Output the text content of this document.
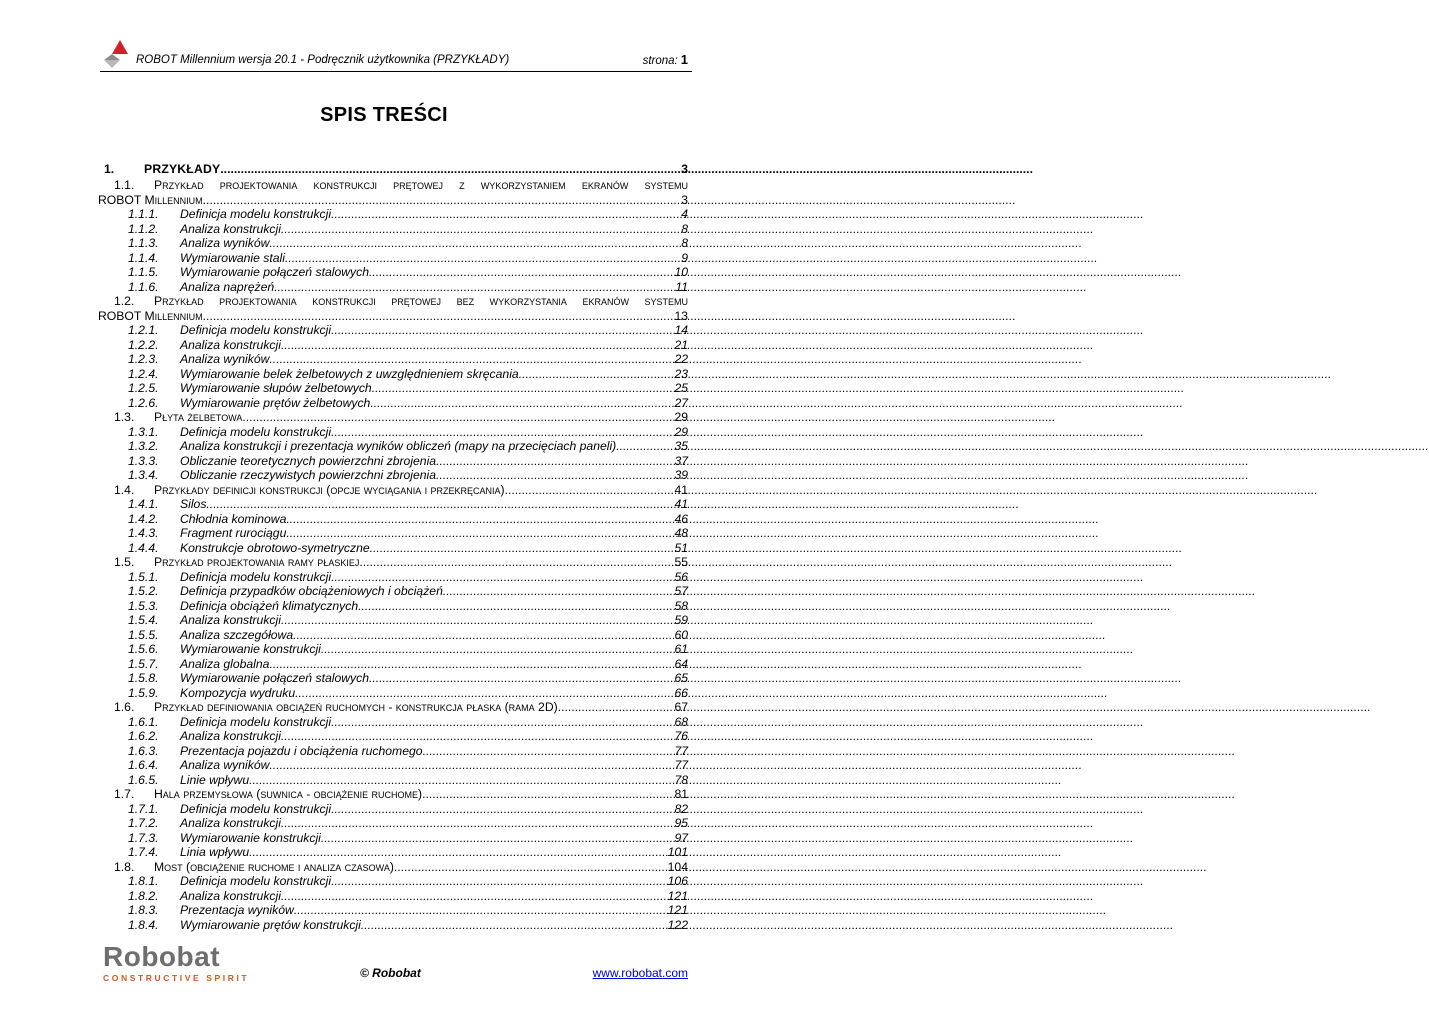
ROBOT Millennium wersja 20.1 - Podręcznik użytkownika (PRZYKŁADY)	strona: 1
SPIS TREŚCI
1.	PRZYKŁADY .....	3
1.1.	Przykład projektowania konstrukcji prętowej z wykorzystaniem ekranów systemu
ROBOT Millennium .....	3
1.1.1.	Definicja modelu konstrukcji .....	4
1.1.2.	Analiza konstrukcji .....	8
1.1.3.	Analiza wyników .....	8
1.1.4.	Wymiarowanie stali .....	9
1.1.5.	Wymiarowanie połączeń stalowych .....	10
1.1.6.	Analiza naprężeń .....	11
1.2.	Przykład projektowania konstrukcji prętowej bez wykorzystania ekranów systemu
ROBOT Millennium .....	13
1.2.1.	Definicja modelu konstrukcji .....	14
1.2.2.	Analiza konstrukcji .....	21
1.2.3.	Analiza wyników .....	22
1.2.4.	Wymiarowanie belek żelbetowych z uwzględnieniem skręcania .....	23
1.2.5.	Wymiarowanie słupów żelbetowych .....	25
1.2.6.	Wymiarowanie prętów żelbetowych .....	27
1.3.	Płyta żelbetowa .....	29
1.3.1.	Definicja modelu konstrukcji .....	29
1.3.2.	Analiza konstrukcji i prezentacja wyników obliczeń (mapy na przecięciach paneli) .....	35
1.3.3.	Obliczanie teoretycznych powierzchni zbrojenia .....	37
1.3.4.	Obliczanie rzeczywistych powierzchni zbrojenia .....	39
1.4.	Przykłady definicji konstrukcji (opcje wyciągania i przekręcania) .....	41
1.4.1.	Silos .....	41
1.4.2.	Chłodnia kominowa .....	46
1.4.3.	Fragment rurociągu .....	48
1.4.4.	Konstrukcje obrotowo-symetryczne .....	51
1.5.	Przykład projektowania ramy płaskiej .....	55
1.5.1.	Definicja modelu konstrukcji .....	56
1.5.2.	Definicja przypadków obciążeniowych i obciążeń .....	57
1.5.3.	Definicja obciążeń klimatycznych .....	58
1.5.4.	Analiza konstrukcji .....	59
1.5.5.	Analiza szczegółowa .....	60
1.5.6.	Wymiarowanie konstrukcji .....	61
1.5.7.	Analiza globalna .....	64
1.5.8.	Wymiarowanie połączeń stalowych .....	65
1.5.9.	Kompozycja wydruku .....	66
1.6.	Przykład definiowania obciążeń ruchomych - konstrukcja płaska (rama 2D) .....	67
1.6.1.	Definicja modelu konstrukcji .....	68
1.6.2.	Analiza konstrukcji .....	76
1.6.3.	Prezentacja pojazdu i obciążenia ruchomego .....	77
1.6.4.	Analiza wyników .....	77
1.6.5.	Linie wpływu .....	78
1.7.	Hala przemysłowa (suwnica - obciążenie ruchome) .....	81
1.7.1.	Definicja modelu konstrukcji .....	82
1.7.2.	Analiza konstrukcji .....	95
1.7.3.	Wymiarowanie konstrukcji .....	97
1.7.4.	Linia wpływu .....	101
1.8.	Most (obciążenie ruchome i analiza czasowa) .....	104
1.8.1.	Definicja modelu konstrukcji .....	106
1.8.2.	Analiza konstrukcji .....	121
1.8.3.	Prezentacja wyników .....	121
1.8.4.	Wymiarowanie prętów konstrukcji .....	122
Robobat
CONSTRUCTIVE SPIRIT	© Robobat	www.robobat.com
